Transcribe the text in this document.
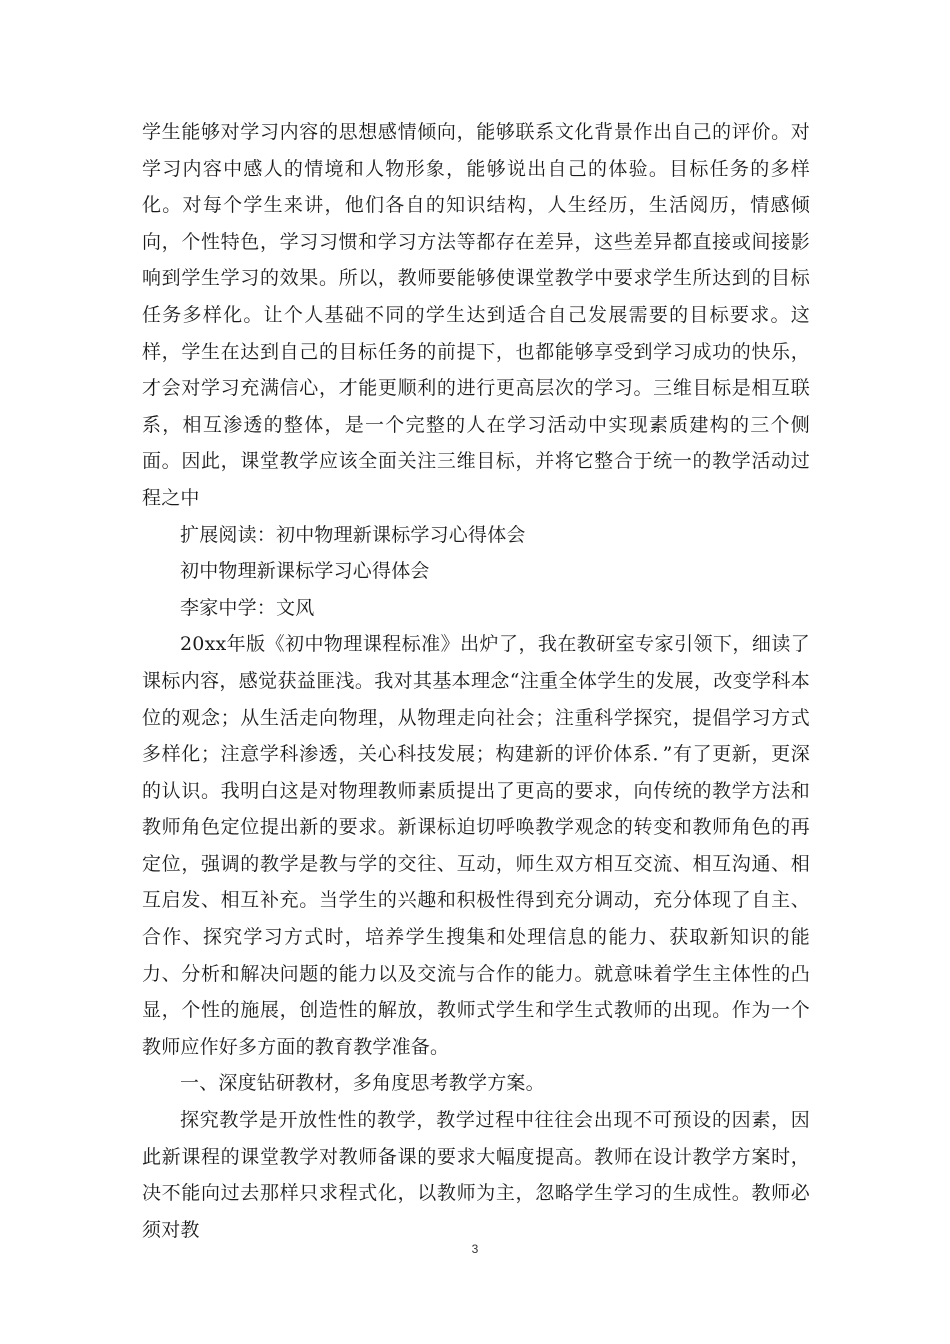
学生能够对学习内容的思想感情倾向，能够联系文化背景作出自己的评价。对学习内容中感人的情境和人物形象，能够说出自己的体验。目标任务的多样化。对每个学生来讲，他们各自的知识结构，人生经历，生活阅历，情感倾向，个性特色，学习习惯和学习方法等都存在差异，这些差异都直接或间接影响到学生学习的效果。所以，教师要能够使课堂教学中要求学生所达到的目标任务多样化。让个人基础不同的学生达到适合自己发展需要的目标要求。这样，学生在达到自己的目标任务的前提下，也都能够享受到学习成功的快乐，才会对学习充满信心，才能更顺利的进行更高层次的学习。三维目标是相互联系，相互渗透的整体，是一个完整的人在学习活动中实现素质建构的三个侧面。因此，课堂教学应该全面关注三维目标，并将它整合于统一的教学活动过程之中

扩展阅读：初中物理新课标学习心得体会

初中物理新课标学习心得体会

李家中学：文风

20xx年版《初中物理课程标准》出炉了，我在教研室专家引领下，细读了课标内容，感觉获益匪浅。我对其基本理念“注重全体学生的发展，改变学科本位的观念；从生活走向物理，从物理走向社会；注重科学探究，提倡学习方式多样化；注意学科渗透，关心科技发展；构建新的评价体系．”有了更新，更深的认识。我明白这是对物理教师素质提出了更高的要求，向传统的教学方法和教师角色定位提出新的要求。新课标迫切呼唤教学观念的转变和教师角色的再定位，强调的教学是教与学的交往、互动，师生双方相互交流、相互沟通、相互启发、相互补充。当学生的兴趣和积极性得到充分调动，充分体现了自主、合作、探究学习方式时，培养学生搜集和处理信息的能力、获取新知识的能力、分析和解决问题的能力以及交流与合作的能力。就意味着学生主体性的凸显，个性的施展，创造性的解放，教师式学生和学生式教师的出现。作为一个教师应作好多方面的教育教学准备。

一、深度钻研教材，多角度思考教学方案。

探究教学是开放性性的教学，教学过程中往往会出现不可预设的因素，因此新课程的课堂教学对教师备课的要求大幅度提高。教师在设计教学方案时，决不能向过去那样只求程式化，以教师为主，忽略学生学习的生成性。教师必须对教

3
